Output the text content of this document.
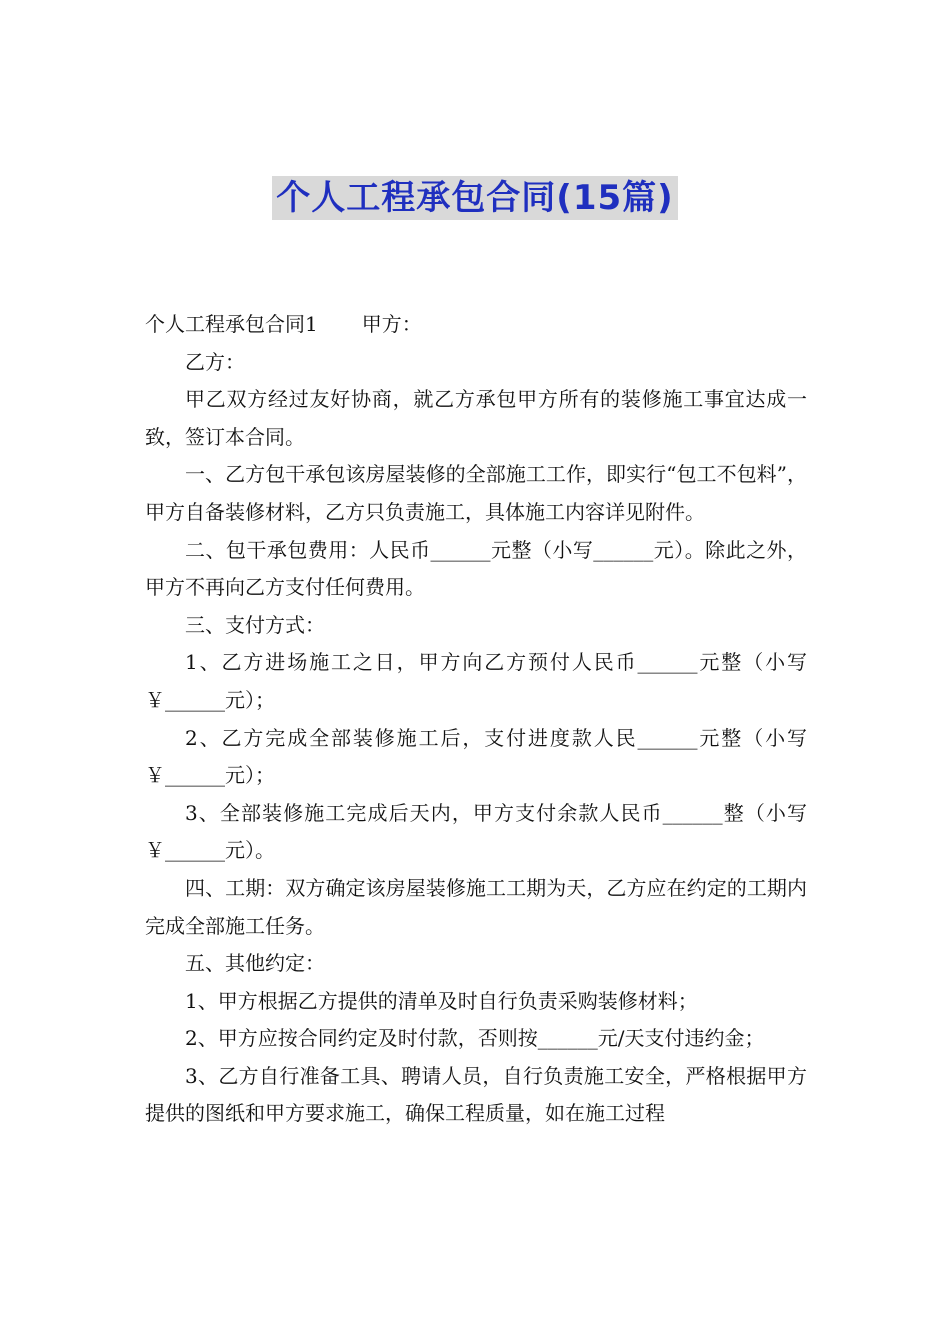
个人工程承包合同(15篇)

个人工程承包合同1 甲方：

乙方：

甲乙双方经过友好协商，就乙方承包甲方所有的装修施工事宜达成一致，签订本合同。

一、乙方包干承包该房屋装修的全部施工工作，即实行“包工不包料”，甲方自备装修材料，乙方只负责施工，具体施工内容详见附件。

二、包干承包费用：人民币______元整（小写______元）。除此之外，甲方不再向乙方支付任何费用。

三、支付方式：

1、乙方进场施工之日，甲方向乙方预付人民币______元整（小写￥______元）；

2、乙方完成全部装修施工后，支付进度款人民______元整（小写￥______元）；

3、全部装修施工完成后天内，甲方支付余款人民币______整（小写￥______元）。

四、工期：双方确定该房屋装修施工工期为天，乙方应在约定的工期内完成全部施工任务。

五、其他约定：

1、甲方根据乙方提供的清单及时自行负责采购装修材料；

2、甲方应按合同约定及时付款，否则按______元/天支付违约金；

3、乙方自行准备工具、聘请人员，自行负责施工安全，严格根据甲方提供的图纸和甲方要求施工，确保工程质量，如在施工过程
